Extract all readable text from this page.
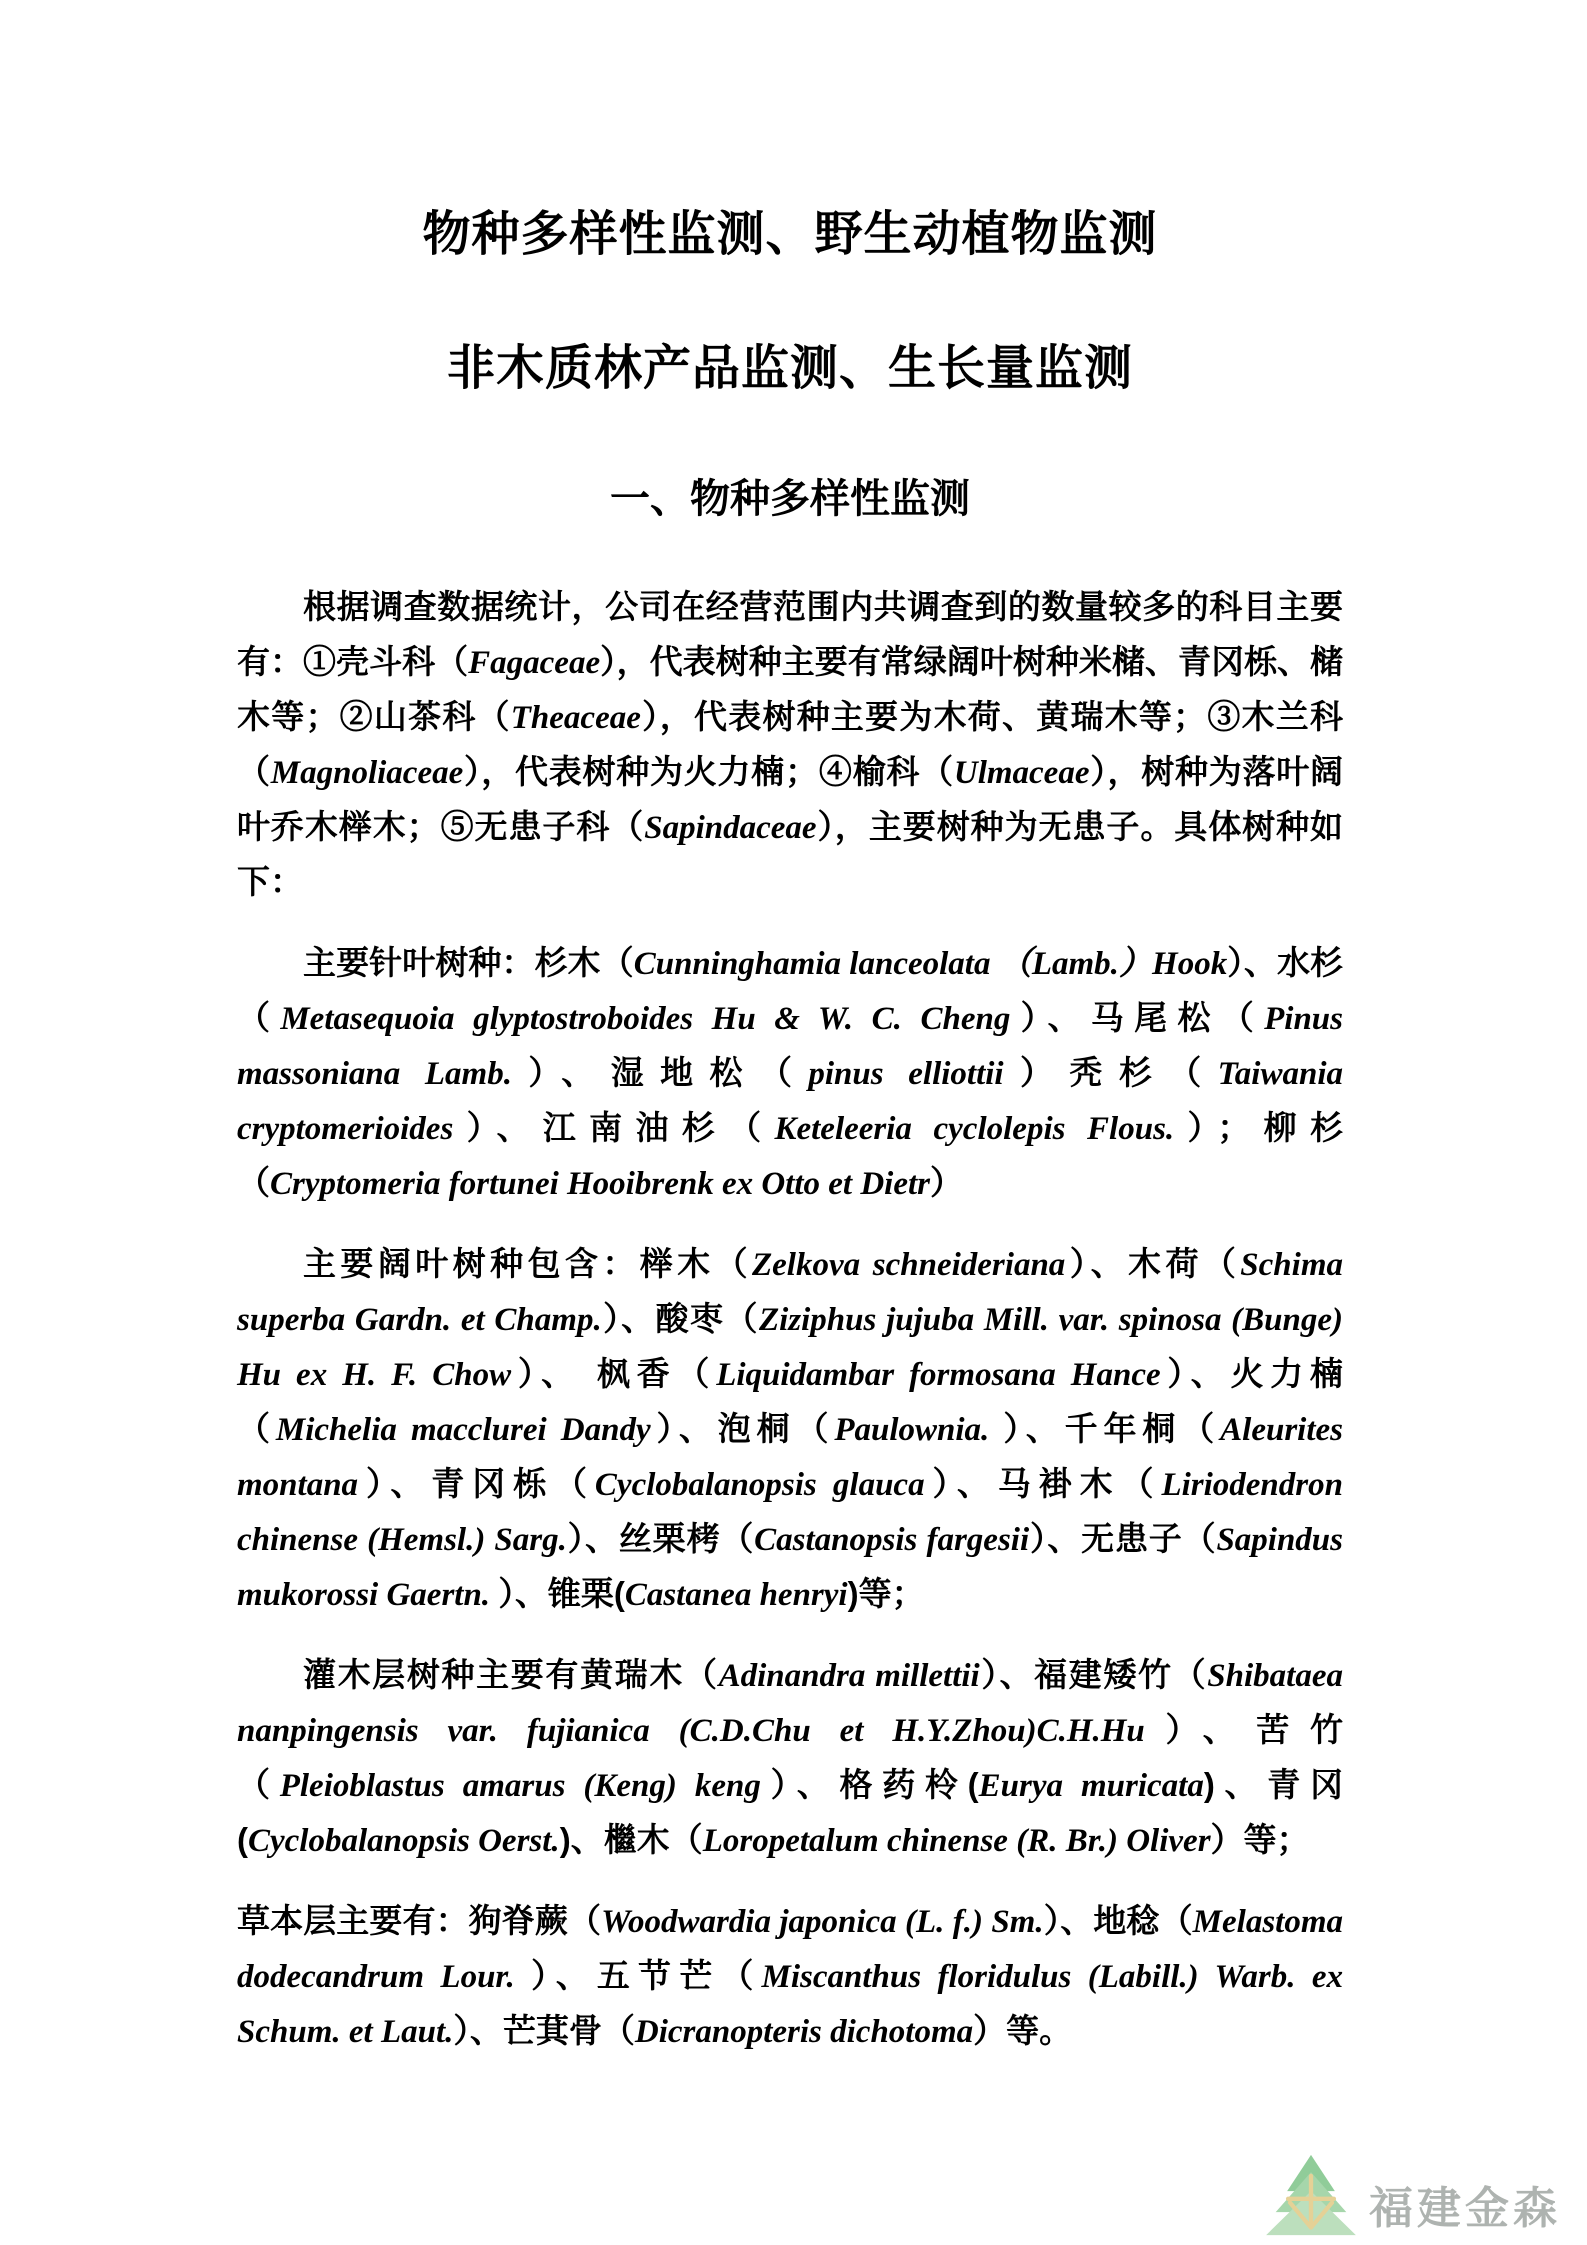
物种多样性监测、野生动植物监测
非木质林产品监测、生长量监测
一、物种多样性监测

根据调查数据统计，公司在经营范围内共调查到的数量较多的科目主要有：①壳斗科（Fagaceae），代表树种主要有常绿阔叶树种米槠、青冈栎、槠木等；②山茶科（Theaceae），代表树种主要为木荷、黄瑞木等；③木兰科（Magnoliaceae），代表树种为火力楠；④榆科（Ulmaceae），树种为落叶阔叶乔木榉木；⑤无患子科（Sapindaceae），主要树种为无患子。具体树种如下：

主要针叶树种：杉木（Cunninghamia lanceolata （Lamb.）Hook）、水杉（Metasequoia glyptostroboides Hu & W. C. Cheng）、马尾松（Pinus massoniana Lamb.）、湿地松（pinus elliottii）秃杉（Taiwania cryptomerioides）、江南油杉（Keteleeria cyclolepis Flous.）；柳杉（Cryptomeria fortunei Hooibrenk ex Otto et Dietr）

主要阔叶树种包含：榉木（Zelkova schneideriana）、木荷（Schima superba Gardn. et Champ.）、酸枣（Ziziphus jujuba Mill. var. spinosa (Bunge) Hu ex H. F. Chow）、 枫香（Liquidambar formosana Hance）、火力楠（Michelia macclurei Dandy）、泡桐（Paulownia. ）、千年桐（Aleurites montana）、青冈栎（Cyclobalanopsis glauca）、马褂木（Liriodendron chinense (Hemsl.) Sarg.）、丝栗栲（Castanopsis fargesii）、无患子（Sapindus mukorossi Gaertn. ）、锥栗(Castanea henryi)等；

灌木层树种主要有黄瑞木（Adinandra millettii）、福建矮竹（Shibataea nanpingensis var. fujianica (C.D.Chu et H.Y.Zhou)C.H.Hu）、苦竹（Pleioblastus amarus (Keng) keng）、格药柃(Eurya muricata)、青冈(Cyclobalanopsis Oerst.)、檵木（Loropetalum chinense (R. Br.) Oliver）等；

草本层主要有：狗脊蕨（Woodwardia japonica (L. f.) Sm.）、地稔（Melastoma dodecandrum Lour. ）、五节芒（Miscanthus floridulus (Labill.) Warb. ex Schum. et Laut.）、芒萁骨（Dicranopteris dichotoma）等。

福建金森
